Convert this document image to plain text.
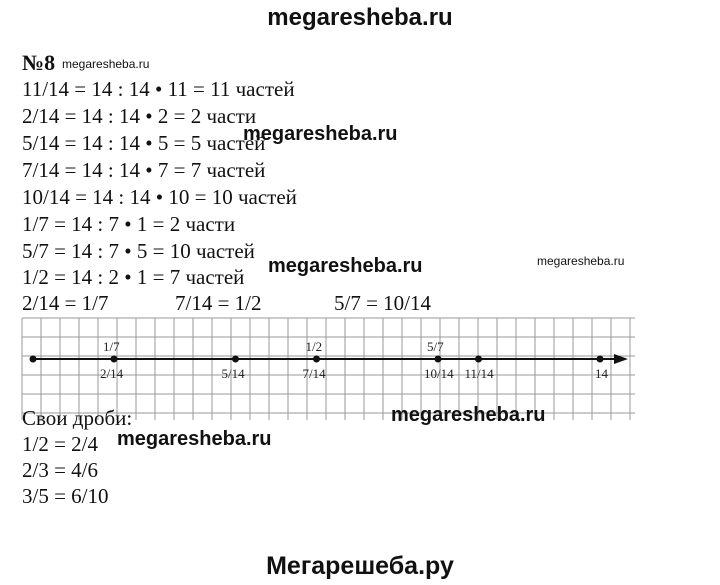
megaresheba.ru
№8 megaresheba.ru
11/14 = 14 : 14 • 11 = 11 частей
2/14 = 14 : 14 • 2 = 2 части
5/14 = 14 : 14 • 5 = 5 частей
7/14 = 14 : 14 • 7 = 7 частей
10/14 = 14 : 14 • 10 = 10 частей
1/7 = 14 : 7 • 1 = 2 части
5/7 = 14 : 7 • 5 = 10 частей
1/2 = 14 : 2 • 1 = 7 частей
megaresheba.ru
megaresheba.ru	megaresheba.ru
2/14 = 1/7	7/14 = 1/2	5/7 = 10/14
1/7
2/14	5/14
1/2
7/14
5/7
10/14 11/14	14
Свои дроби:
1/2 = 2/4
2/3 = 4/6
3/5 = 6/10
megaresheba.ru
megaresheba.ru
Мегарешеба.ру
